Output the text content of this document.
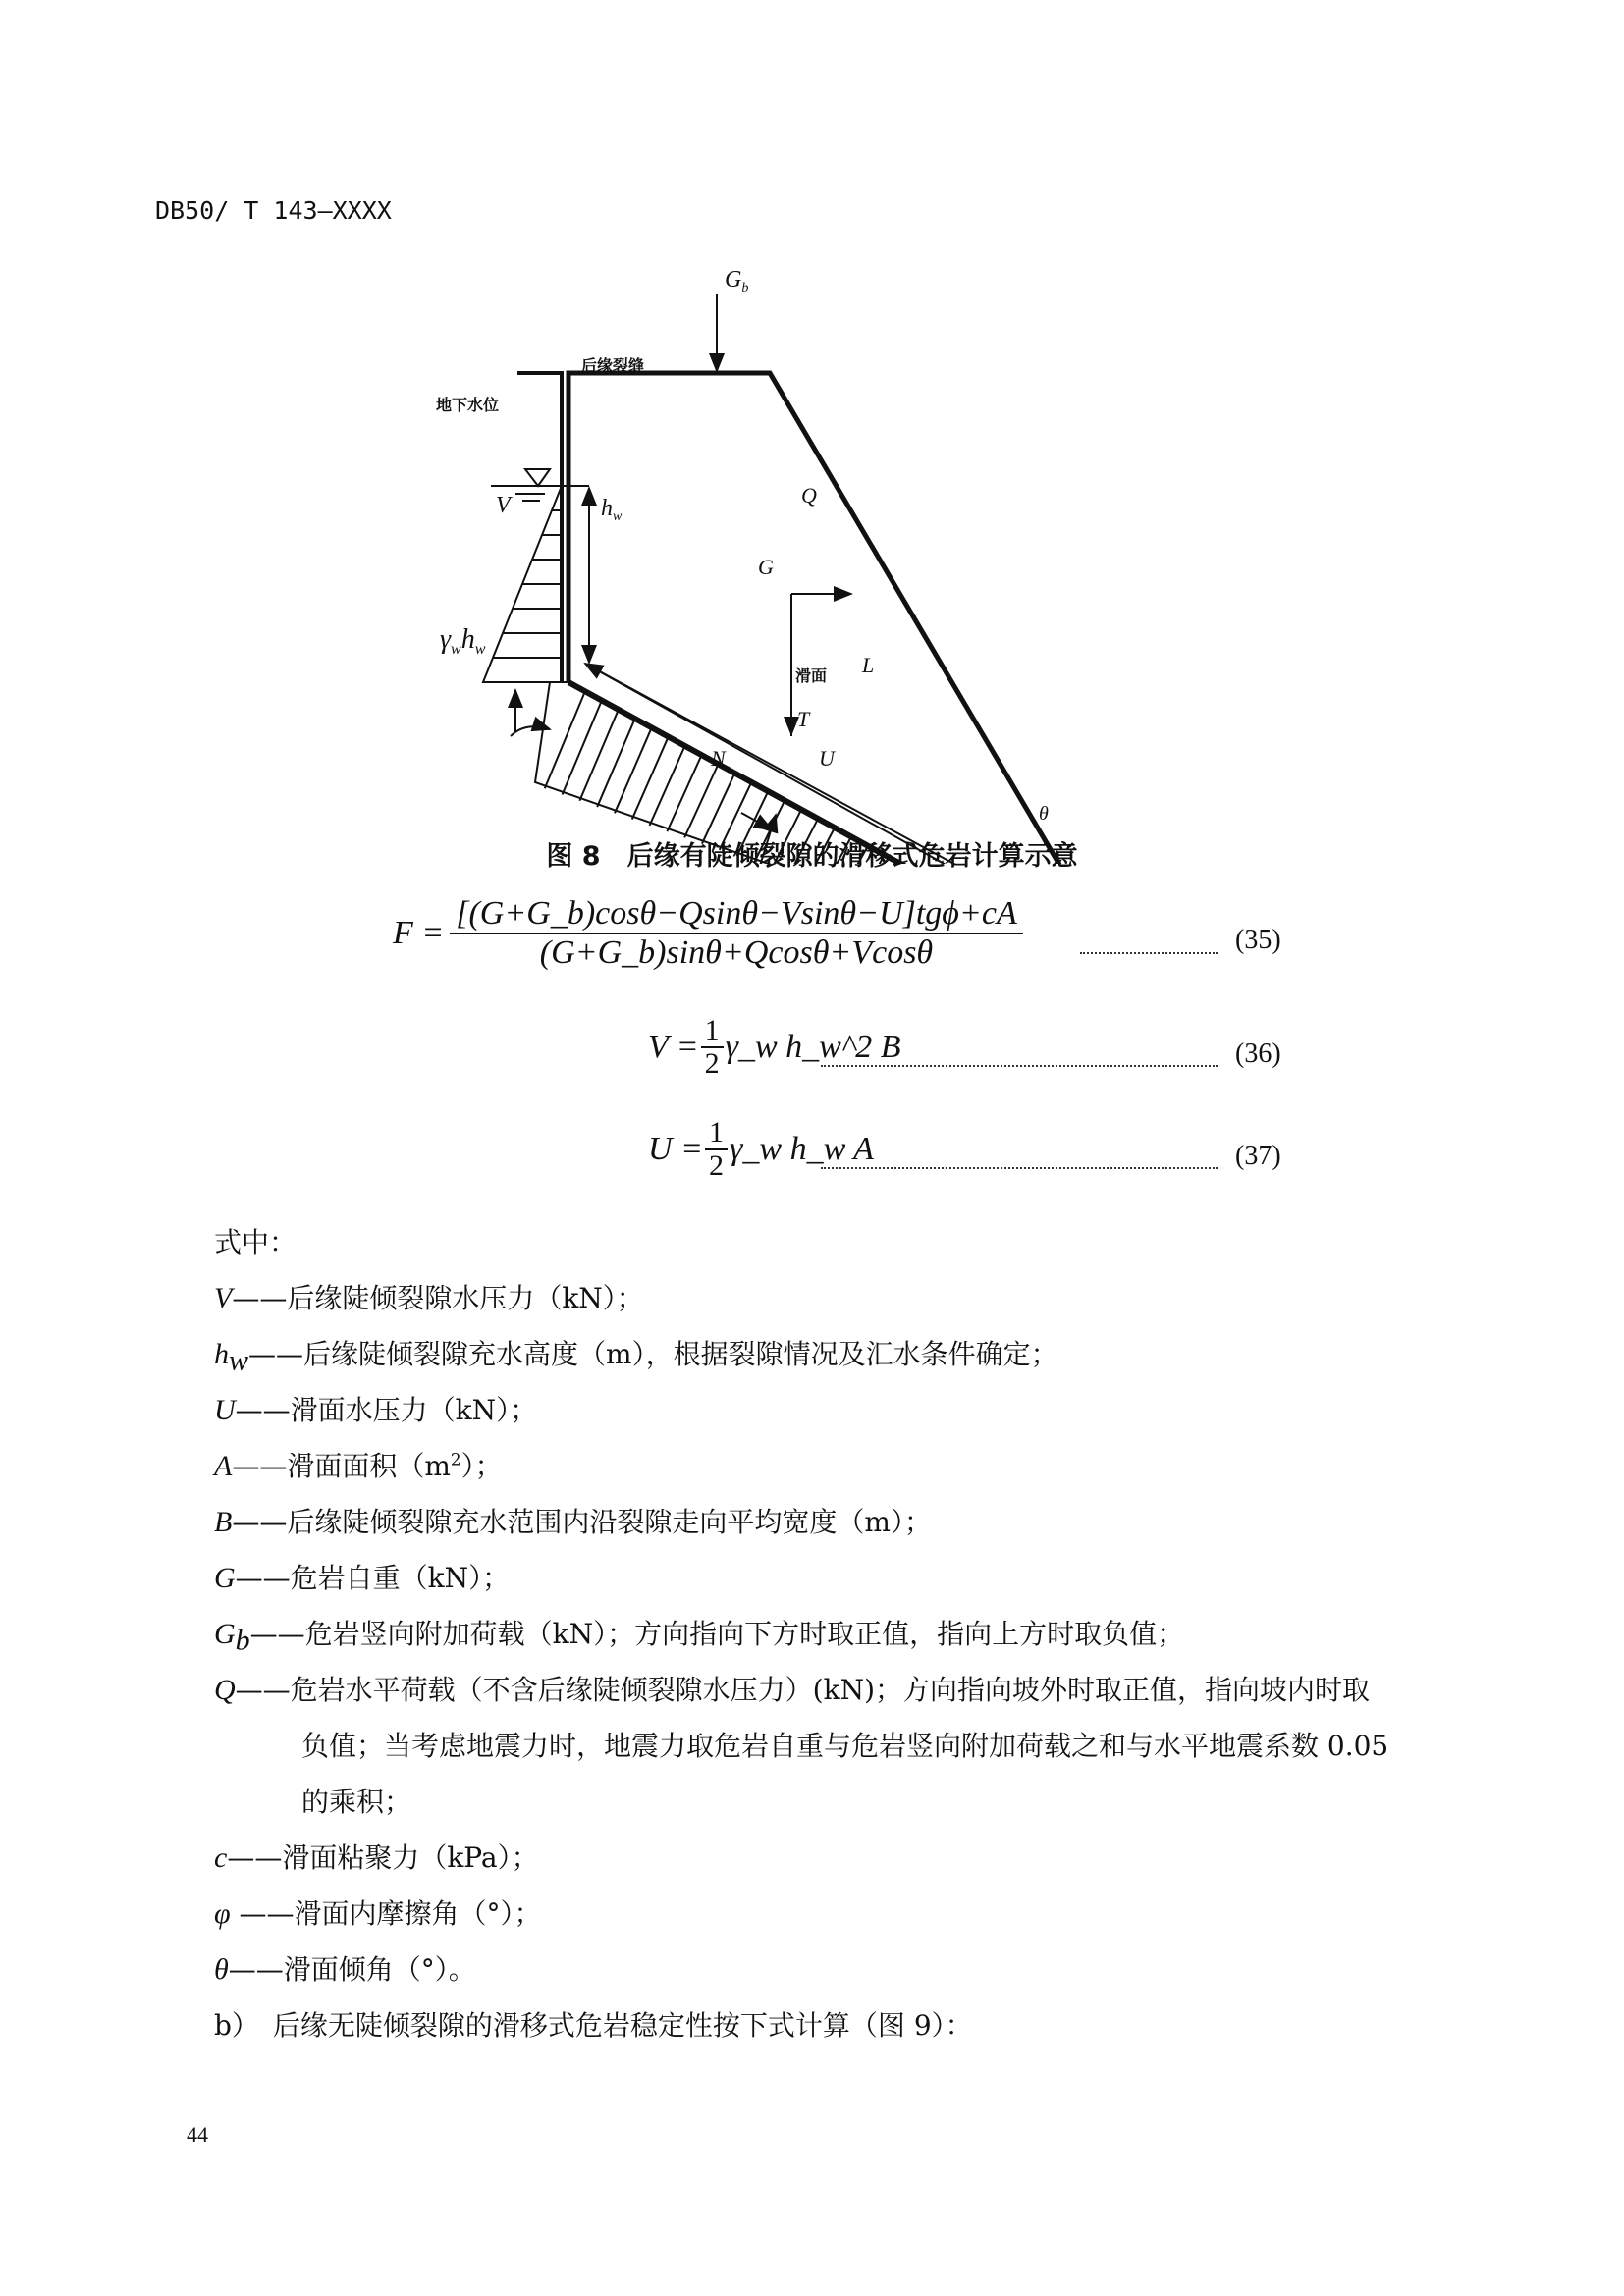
DB50/ T 143—XXXX
$G_b$
V	$h_w$
Q
G
$\gamma_wh_w$
L
T
N	U
θ
后缘裂缝
地下水位
滑面
图 8　后缘有陡倾裂隙的滑移式危岩计算示意
$F = \frac{\text{[(G+G\_b)cosθ−Qsinθ−Vsinθ−U]tgϕ+cA}}{(G+G\_b)\sin\theta+Qcos\theta+Vcos\theta}$	(35)
$V = \frac{1}{2}$ γ_w h_w^2 B	(36)
$U = \frac{1}{2}$ γ_w h_w A	(37)
式中：
V——后缘陡倾裂隙水压力（kN）；
$h_w——$后缘陡倾裂隙充水高度（m），根据裂隙情况及汇水条件确定；
U——滑面水压力（kN）；
A——滑面面积$(m^2)$；
B——后缘陡倾裂隙充水范围内沿裂隙走向平均宽度（m）；
G——危岩自重（kN）；
$G_b——$危岩竖向附加荷载（kN）；方向指向下方时取正值，指向上方时取负值；
Q——危岩水平荷载（不含后缘陡倾裂隙水压力）(kN)；方向指向坡外时取正值，指向坡内时取
负值；当考虑地震力时，地震力取危岩自重与危岩竖向附加荷载之和与水平地震系数 0.05
的乘积；
c——滑面粘聚力（kPa）；
φ ——滑面内摩擦角（°）；
θ——滑面倾角（°）。
b）　后缘无陡倾裂隙的滑移式危岩稳定性按下式计算（图 9）：
44
